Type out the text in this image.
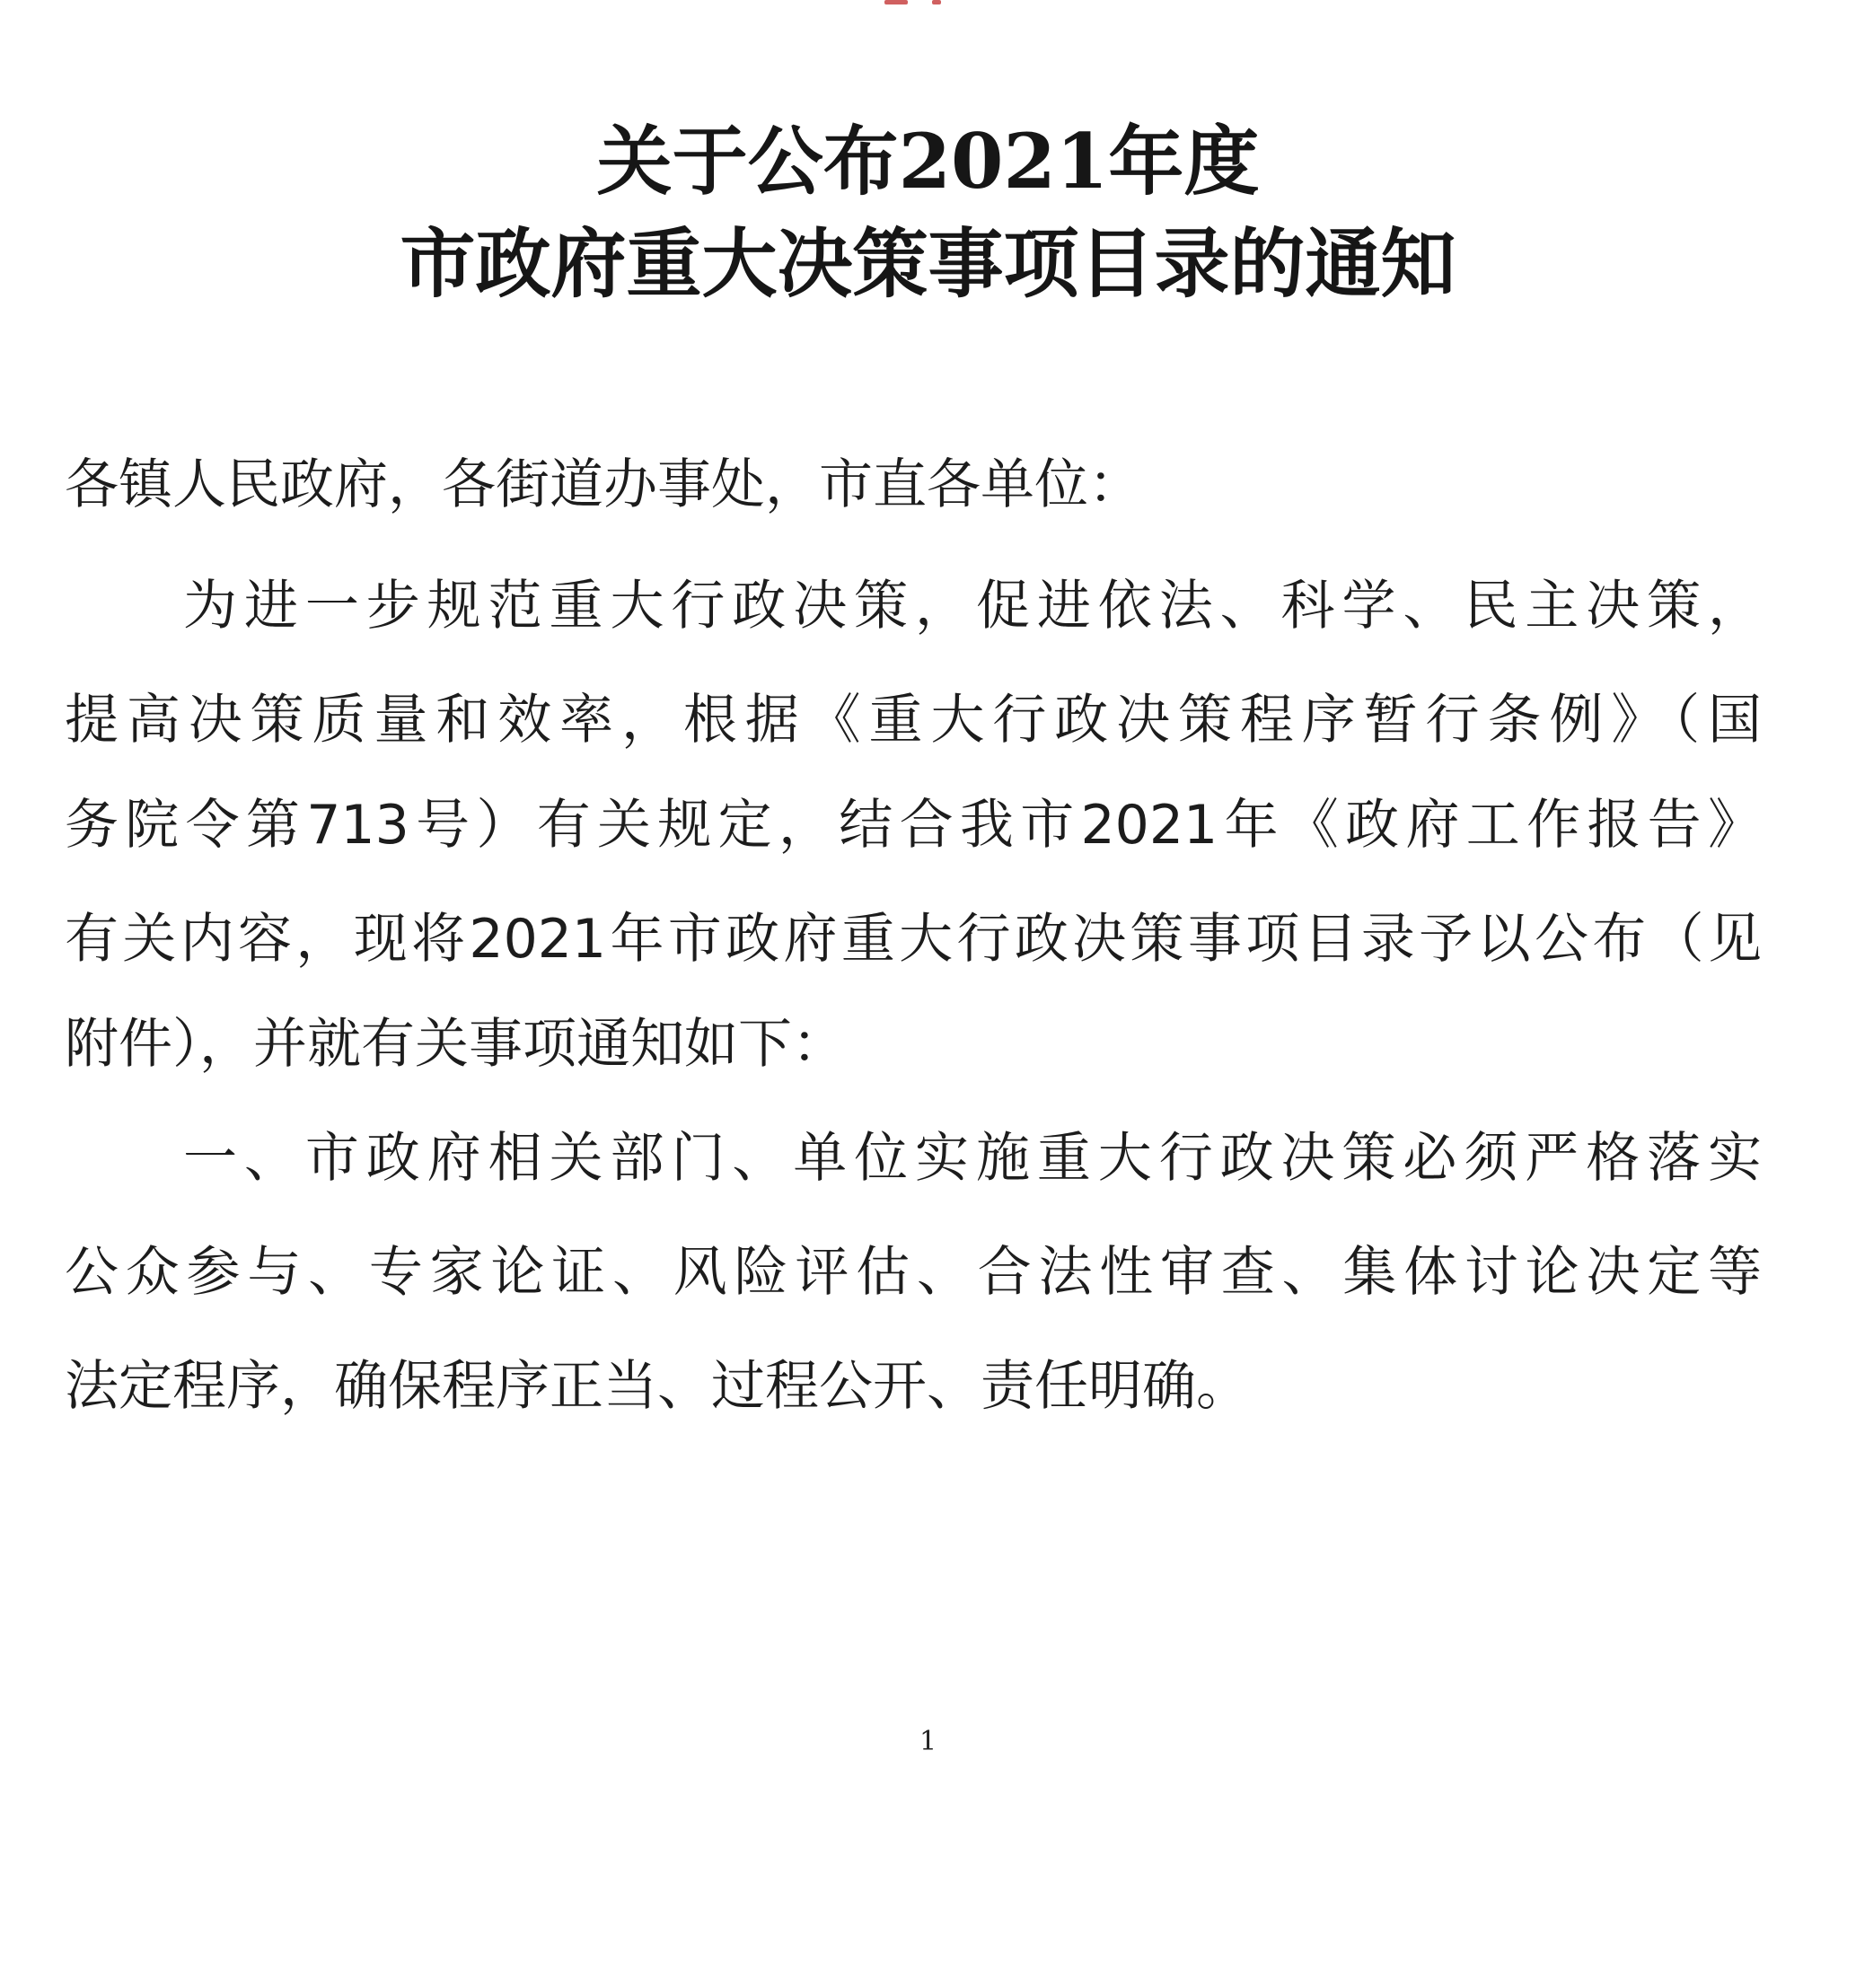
关于公布2021年度
市政府重大决策事项目录的通知
各镇人民政府，各街道办事处，市直各单位：
为进一步规范重大行政决策，促进依法、科学、民主决策，
提高决策质量和效率，根据《重大行政决策程序暂行条例》（国
务院令第713号）有关规定，结合我市2021年《政府工作报告》
有关内容，现将2021年市政府重大行政决策事项目录予以公布（见
附件），并就有关事项通知如下：
一、市政府相关部门、单位实施重大行政决策必须严格落实
公众参与、专家论证、风险评估、合法性审查、集体讨论决定等
法定程序，确保程序正当、过程公开、责任明确。
1
